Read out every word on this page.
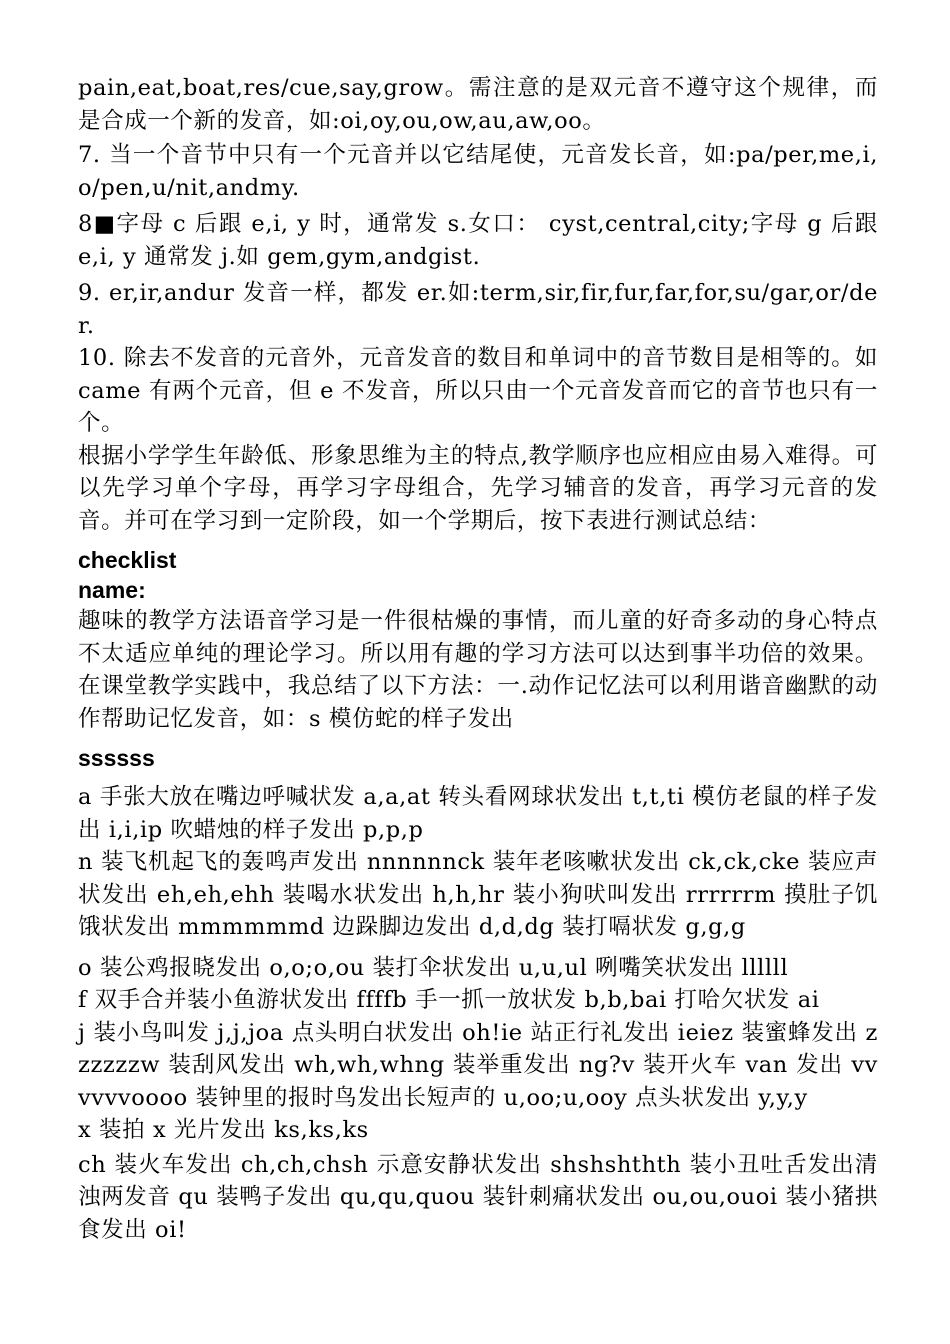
pain,eat,boat,res/cue,say,grow。需注意的是双元音不遵守这个规律，而是合成一个新的发音，如:oi,oy,ou,ow,au,aw,oo。

7. 当一个音节中只有一个元音并以它结尾使，元音发长音，如:pa/per,me,i,o/pen,u/nit,andmy.

8■字母 c 后跟 e,i, y 时，通常发 s.女口： cyst,central,city;字母 g 后跟 e,i, y 通常发 j.如 gem,gym,andgist.

9. er,ir,andur 发音一样，都发 er.如:term,sir,fir,fur,far,for,su/gar,or/der.

10. 除去不发音的元音外，元音发音的数目和单词中的音节数目是相等的。如 came 有两个元音，但 e 不发音，所以只由一个元音发音而它的音节也只有一个。

根据小学学生年龄低、形象思维为主的特点,教学顺序也应相应由易入难得。可以先学习单个字母，再学习字母组合，先学习辅音的发音，再学习元音的发音。并可在学习到一定阶段，如一个学期后，按下表进行测试总结：

checklist

name:

趣味的教学方法语音学习是一件很枯燥的事情，而儿童的好奇多动的身心特点不太适应单纯的理论学习。所以用有趣的学习方法可以达到事半功倍的效果。在课堂教学实践中，我总结了以下方法：一.动作记忆法可以利用谐音幽默的动作帮助记忆发音，如：s 模仿蛇的样子发出

ssssss

a 手张大放在嘴边呼喊状发 a,a,at 转头看网球状发出 t,t,ti 模仿老鼠的样子发出 i,i,ip 吹蜡烛的样子发出 p,p,p

n 装飞机起飞的轰鸣声发出 nnnnnnck 装年老咳嗽状发出 ck,ck,cke 装应声状发出 eh,eh,ehh 装喝水状发出 h,h,hr 装小狗吠叫发出 rrrrrrm 摸肚子饥饿状发出 mmmmmmd 边跺脚边发出 d,d,dg 装打嗝状发 g,g,g

o 装公鸡报晓发出 o,o;o,ou 装打伞状发出 u,u,ul 咧嘴笑状发出 llllll

f 双手合并装小鱼游状发出 ffffb 手一抓一放状发 b,b,bai 打哈欠状发 ai

j 装小鸟叫发 j,j,joa 点头明白状发出 oh!ie 站正行礼发出 ieiez 装蜜蜂发出 zzzzzzw 装刮风发出 wh,wh,whng 装举重发出 ng?v 装开火车 van 发出 vvvvvvoooo 装钟里的报时鸟发出长短声的 u,oo;u,ooy 点头状发出 y,y,y

x 装拍 x 光片发出 ks,ks,ks

ch 装火车发出 ch,ch,chsh 示意安静状发出 shshshthth 装小丑吐舌发出清浊两发音 qu 装鸭子发出 qu,qu,quou 装针刺痛状发出 ou,ou,ouoi 装小猪拱食发出 oi!
